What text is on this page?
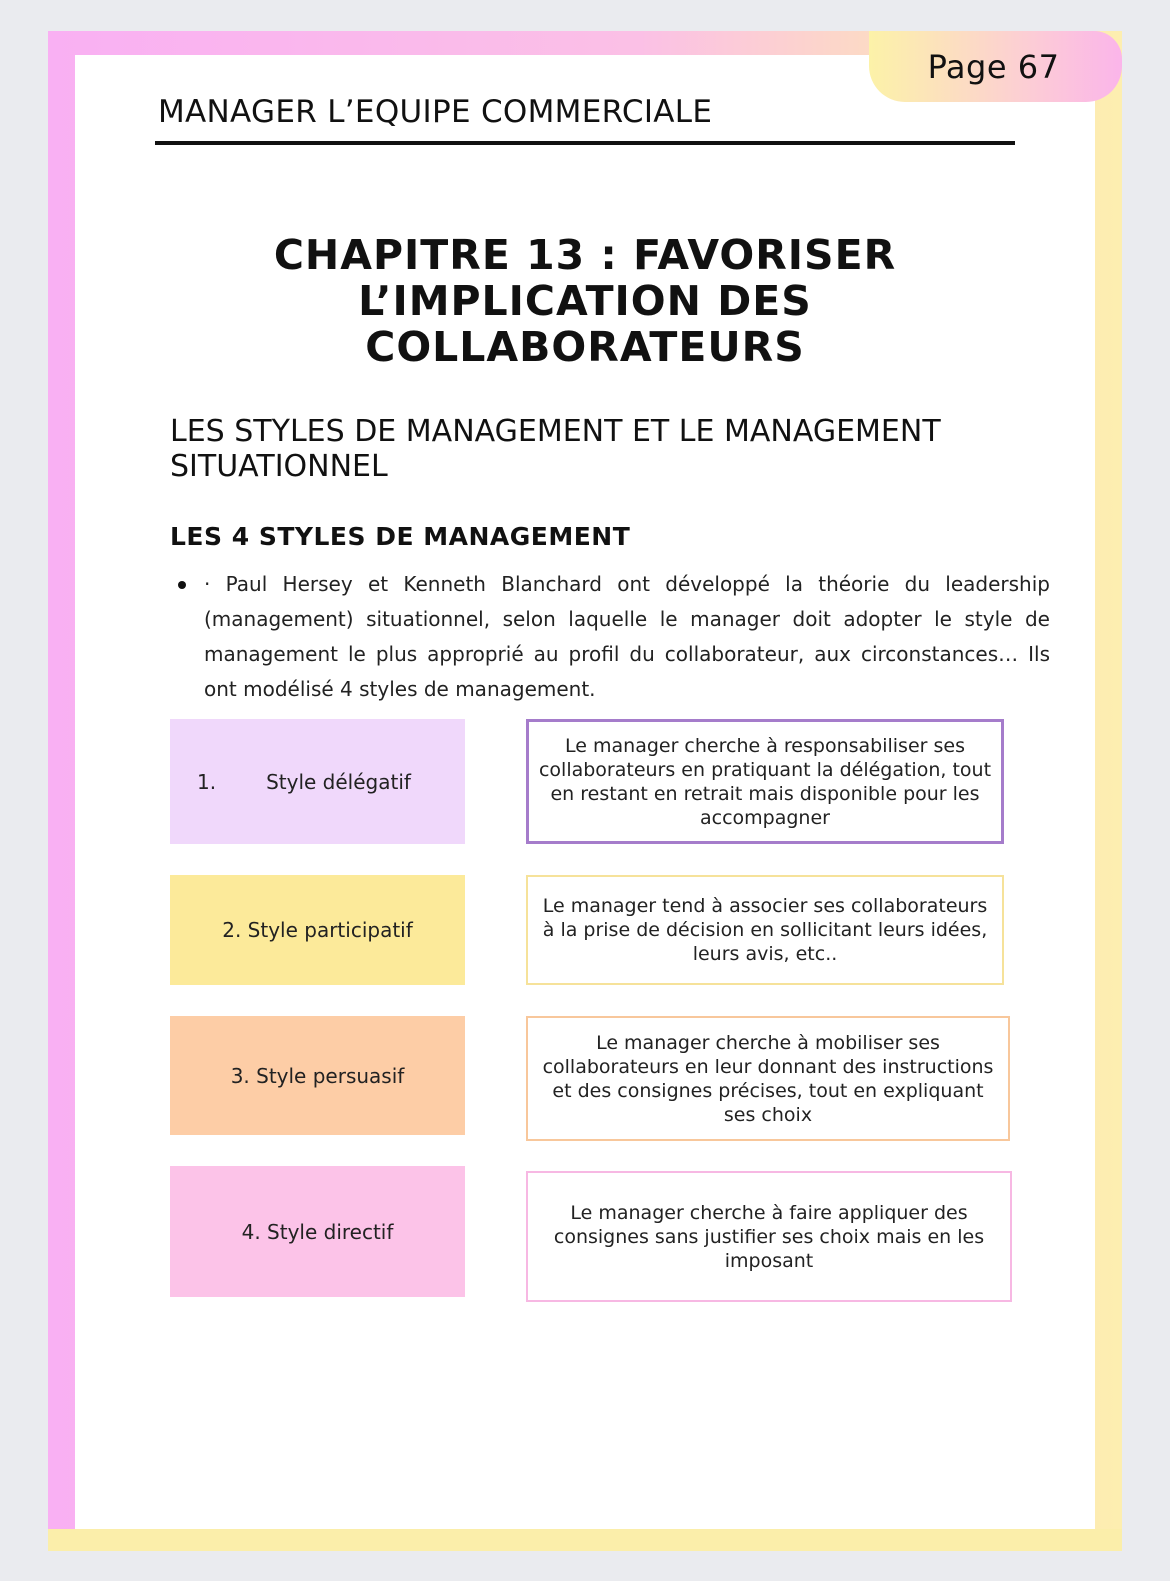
Page 67
MANAGER L’EQUIPE COMMERCIALE
CHAPITRE 13 : FAVORISER
L’IMPLICATION DES
COLLABORATEURS
LES STYLES DE MANAGEMENT ET LE MANAGEMENT SITUATIONNEL
LES 4 STYLES DE MANAGEMENT

· Paul Hersey et Kenneth Blanchard ont développé la théorie du leadership (management) situationnel, selon laquelle le manager doit adopter le style de management le plus approprié au profil du collaborateur, aux circonstances… Ils ont modélisé 4 styles de management.

1. Style délégatif
Le manager cherche à responsabiliser ses collaborateurs en pratiquant la délégation, tout en restant en retrait mais disponible pour les accompagner
2. Style participatif
Le manager tend à associer ses collaborateurs à la prise de décision en sollicitant leurs idées, leurs avis, etc..
3. Style persuasif
Le manager cherche à mobiliser ses collaborateurs en leur donnant des instructions et des consignes précises, tout en expliquant ses choix
4. Style directif
Le manager cherche à faire appliquer des consignes sans justifier ses choix mais en les imposant
